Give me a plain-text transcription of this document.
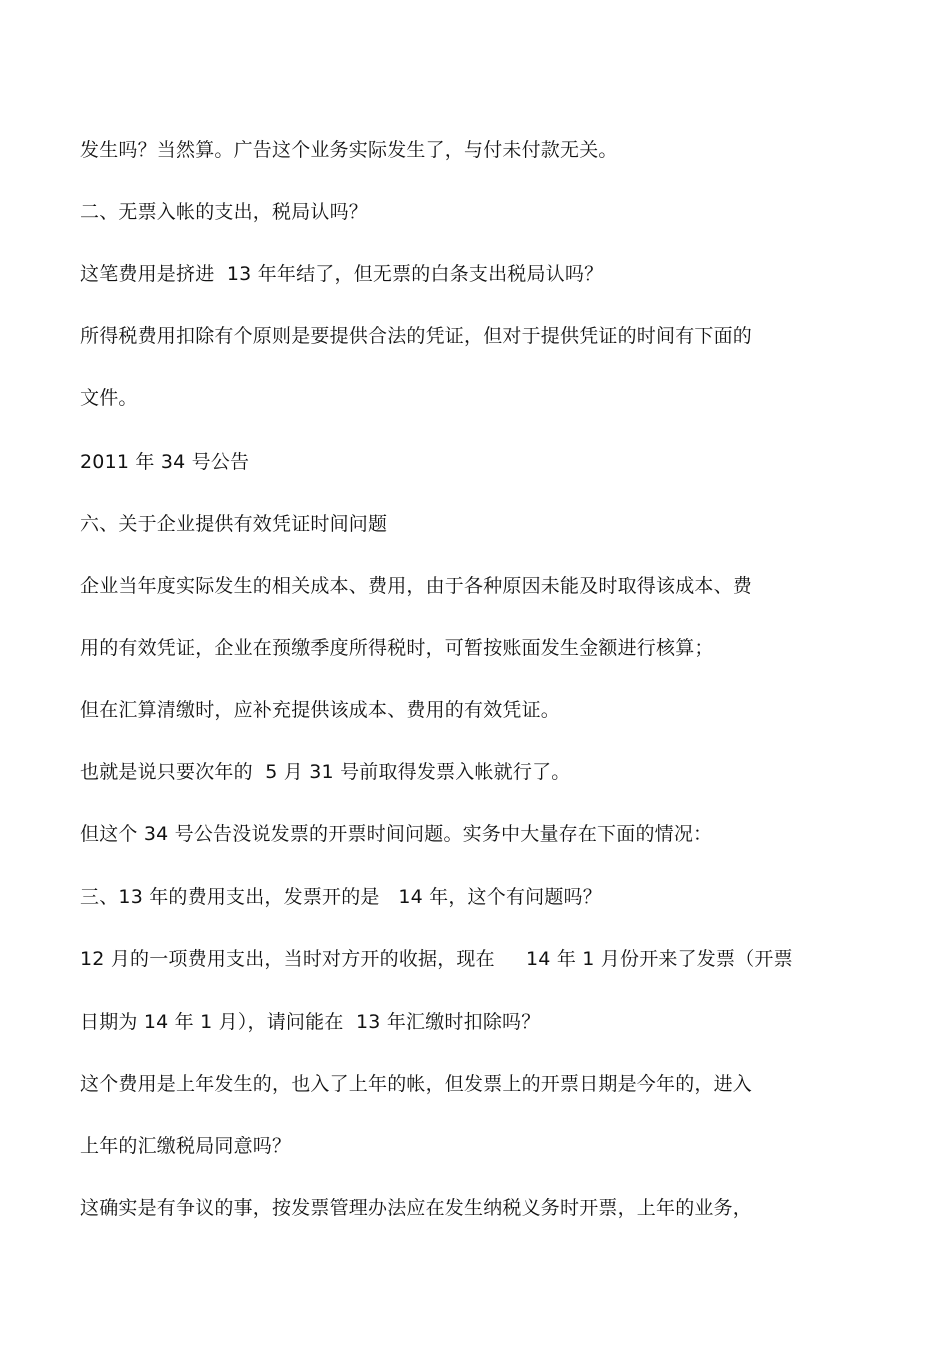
发生吗？当然算。广告这个业务实际发生了，与付未付款无关。
二、无票入帐的支出，税局认吗？
这笔费用是挤进  13 年年结了，但无票的白条支出税局认吗？
所得税费用扣除有个原则是要提供合法的凭证，但对于提供凭证的时间有下面的
文件。
2011 年 34 号公告
六、关于企业提供有效凭证时间问题
企业当年度实际发生的相关成本、费用，由于各种原因未能及时取得该成本、费
用的有效凭证，企业在预缴季度所得税时，可暂按账面发生金额进行核算；
但在汇算清缴时，应补充提供该成本、费用的有效凭证。
也就是说只要次年的  5 月 31 号前取得发票入帐就行了。
但这个 34 号公告没说发票的开票时间问题。实务中大量存在下面的情况：
三、13 年的费用支出，发票开的是   14 年，这个有问题吗？
12 月的一项费用支出，当时对方开的收据，现在     14 年 1 月份开来了发票（开票
日期为 14 年 1 月），请问能在  13 年汇缴时扣除吗？
这个费用是上年发生的，也入了上年的帐，但发票上的开票日期是今年的，进入
上年的汇缴税局同意吗？
这确实是有争议的事，按发票管理办法应在发生纳税义务时开票，上年的业务，
